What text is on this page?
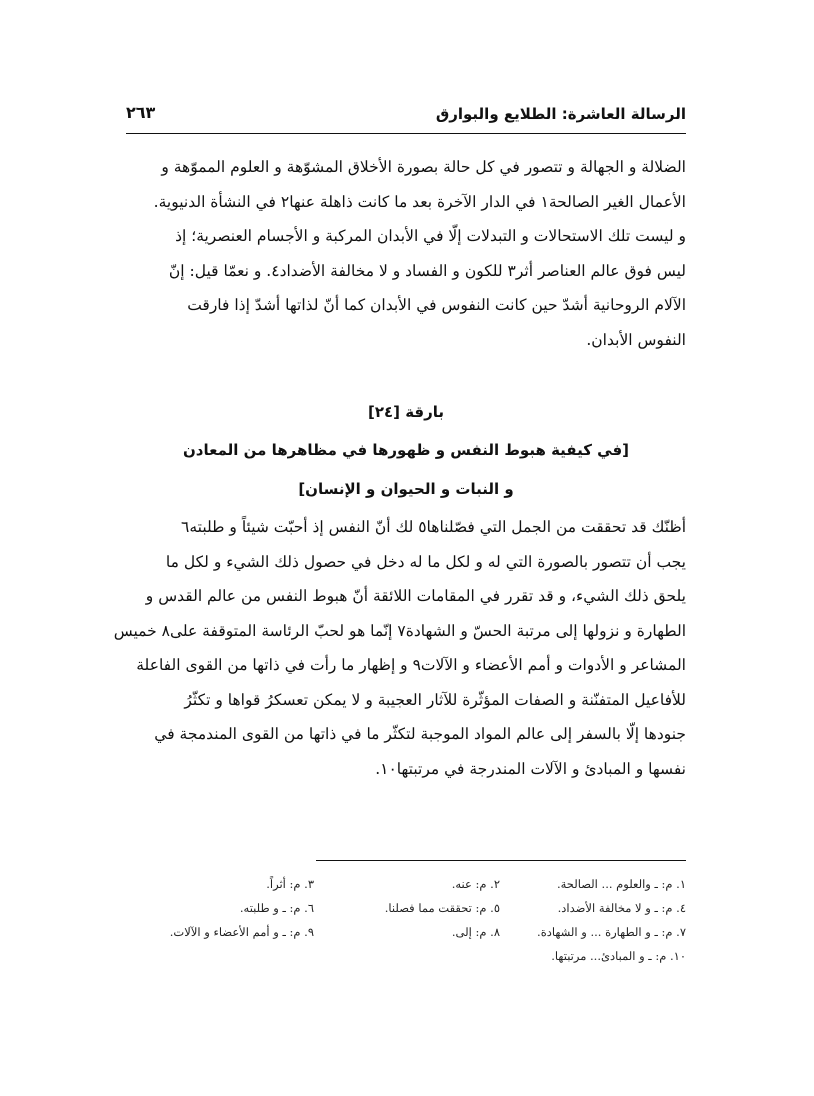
الرسالة العاشرة: الطلايع والبوارق
٢٦٣
الضلالة و الجهالة و تتصور في كل حالة بصورة الأخلاق المشوّهة و العلوم المموّهة و
الأعمال الغير الصالحة١ في الدار الآخرة بعد ما كانت ذاهلة عنها٢ في النشأة الدنيوية.
و ليست تلك الاستحالات و التبدلات إلّا في الأبدان المركبة و الأجسام العنصرية؛ إذ
ليس فوق عالم العناصر أثر٣ للكون و الفساد و لا مخالفة الأضداد٤. و نعمّا قيل: إنّ
الآلام الروحانية أشدّ حين كانت النفوس في الأبدان كما أنّ لذاتها أشدّ إذا فارقت
النفوس الأبدان.
بارقة [٢٤]
[في كيفية هبوط النفس و ظهورها في مظاهرها من المعادن
و النبات و الحيوان و الإنسان]
أظنّك قد تحققت من الجمل التي فصّلناها٥ لك أنّ النفس إذ أحبّت شيئاً و طلبته٦
يجب أن تتصور بالصورة التي له و لكل ما له دخل في حصول ذلك الشيء و لكل ما
يلحق ذلك الشيء، و قد تقرر في المقامات اللائقة أنّ هبوط النفس من عالم القدس و
الطهارة و نزولها إلى مرتبة الحسّ و الشهادة٧ إنّما هو لحبّ الرئاسة المتوقفة على٨ خميس
المشاعر و الأدوات و أمم الأعضاء و الآلات٩ و إظهار ما رأت في ذاتها من القوى الفاعلة
للأفاعيل المتفنّنة و الصفات المؤثّرة للآثار العجيبة و لا يمكن تعسكرُ قواها و تكثّرُ
جنودها إلّا بالسفر إلى عالم المواد الموجبة لتكثّر ما في ذاتها من القوى المندمجة في
نفسها و المبادئ و الآلات المندرجة في مرتبتها١٠.
١. م: ـ والعلوم ... الصالحة.
٢. م: عنه.
٣. م: أثراً.
٤. م: ـ و لا مخالفة الأضداد.
٥. م: تحققت مما فصلنا.
٦. م: ـ و طلبته.
٧. م: ـ و الطهارة ... و الشهادة.
٨. م: إلى.
٩. م: ـ و أمم الأعضاء و الآلات.
١٠. م: ـ و المبادئ... مرتبتها.
